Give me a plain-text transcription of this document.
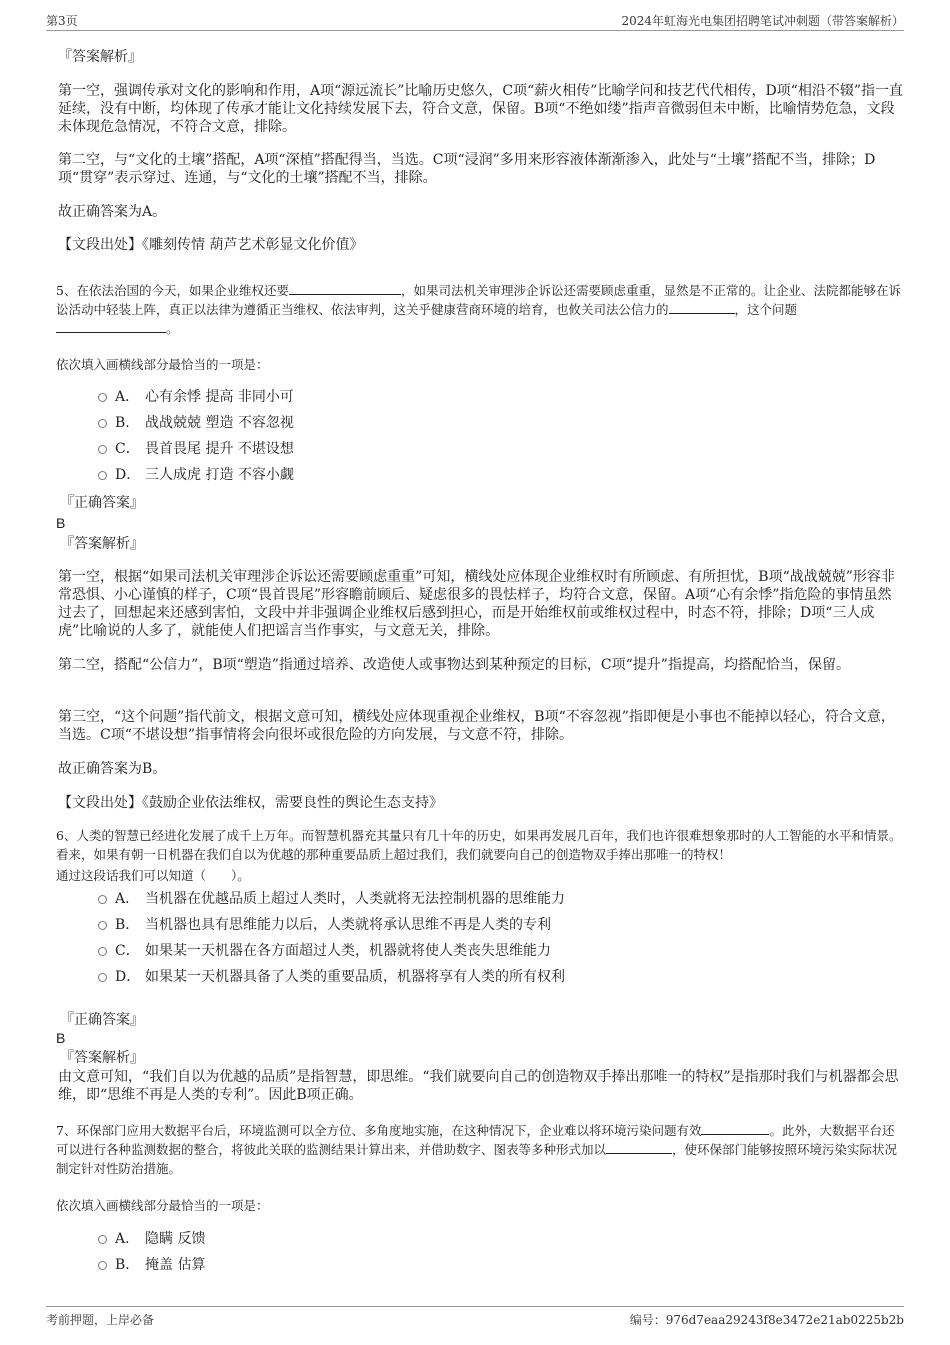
第3页	2024年虹海光电集团招聘笔试冲刺题（带答案解析）
『答案解析』

第一空，强调传承对文化的影响和作用，A项“源远流长”比喻历史悠久，C项“薪火相传”比喻学问和技艺代代相传，D项“相沿不辍”指一直延续，没有中断，均体现了传承才能让文化持续发展下去，符合文意，保留。B项“不绝如缕”指声音微弱但未中断，比喻情势危急，文段未体现危急情况，不符合文意，排除。

第二空，与“文化的土壤”搭配，A项“深植”搭配得当，当选。C项“浸润”多用来形容液体渐渐渗入，此处与“土壤”搭配不当，排除；D项“贯穿”表示穿过、连通，与“文化的土壤”搭配不当，排除。

故正确答案为A。

【文段出处】《雕刻传情 葫芦艺术彰显文化价值》

5、在依法治国的今天，如果企业维权还要	，如果司法机关审理涉企诉讼还需要顾虑重重，显然是不正常的。让企业、法院都能够在诉讼活动中轻装上阵，真正以法律为遵循正当维权、依法审判，这关乎健康营商环境的培育，也攸关司法公信力的	，这个问题。

依次填入画横线部分最恰当的一项是：

A． 心有余悸 提高 非同小可
B． 战战兢兢 塑造 不容忽视
C． 畏首畏尾 提升 不堪设想
D． 三人成虎 打造 不容小觑
『正确答案』
B
『答案解析』

第一空，根据“如果司法机关审理涉企诉讼还需要顾虑重重”可知，横线处应体现企业维权时有所顾虑、有所担忧，B项“战战兢兢”形容非常恐惧、小心谨慎的样子，C项“畏首畏尾”形容瞻前顾后、疑虑很多的畏怯样子，均符合文意，保留。A项“心有余悸”指危险的事情虽然过去了，回想起来还感到害怕，文段中并非强调企业维权后感到担心，而是开始维权前或维权过程中，时态不符，排除；D项“三人成虎”比喻说的人多了，就能使人们把谣言当作事实，与文意无关，排除。

第二空，搭配“公信力”，B项“塑造”指通过培养、改造使人或事物达到某种预定的目标，C项“提升”指提高，均搭配恰当，保留。

第三空，“这个问题”指代前文，根据文意可知，横线处应体现重视企业维权，B项“不容忽视”指即便是小事也不能掉以轻心，符合文意，当选。C项“不堪设想”指事情将会向很坏或很危险的方向发展，与文意不符，排除。

故正确答案为B。

【文段出处】《鼓励企业依法维权，需要良性的舆论生态支持》

6、人类的智慧已经进化发展了成千上万年。而智慧机器充其量只有几十年的历史，如果再发展几百年，我们也许很难想象那时的人工智能的水平和情景。看来，如果有朝一日机器在我们自以为优越的那种重要品质上超过我们，我们就要向自己的创造物双手捧出那唯一的特权！

通过这段话我们可以知道（　　）。

A． 当机器在优越品质上超过人类时，人类就将无法控制机器的思维能力
B． 当机器也具有思维能力以后，人类就将承认思维不再是人类的专利
C． 如果某一天机器在各方面超过人类，机器就将使人类丧失思维能力
D． 如果某一天机器具备了人类的重要品质，机器将享有人类的所有权利
『正确答案』
B
『答案解析』

由文意可知，“我们自以为优越的品质”是指智慧，即思维。“我们就要向自己的创造物双手捧出那唯一的特权”是指那时我们与机器都会思维，即“思维不再是人类的专利”。因此B项正确。

7、环保部门应用大数据平台后，环境监测可以全方位、多角度地实施，在这种情况下，企业难以将环境污染问题有效	。此外，大数据平台还可以进行各种监测数据的整合，将彼此关联的监测结果计算出来，并借助数字、图表等多种形式加以	，使环保部门能够按照环境污染实际状况制定针对性防治措施。

依次填入画横线部分最恰当的一项是：

A． 隐瞒 反馈
B． 掩盖 估算
考前押题，上岸必备	编号：976d7eaa29243f8e3472e21ab0225b2b
